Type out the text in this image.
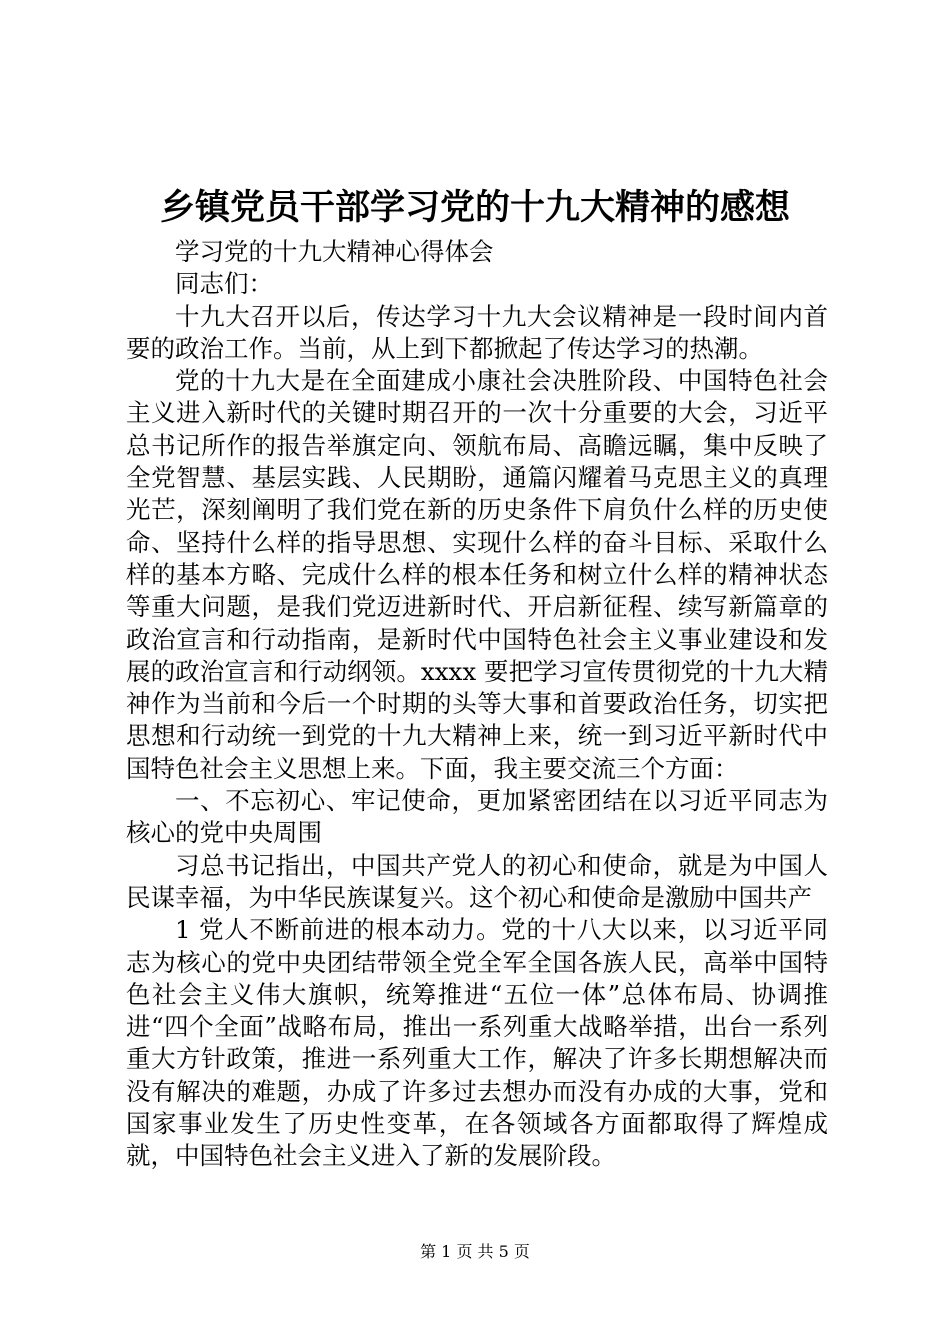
乡镇党员干部学习党的十九大精神的感想

学习党的十九大精神心得体会

同志们：

十九大召开以后，传达学习十九大会议精神是一段时间内首要的政治工作。当前，从上到下都掀起了传达学习的热潮。

党的十九大是在全面建成小康社会决胜阶段、中国特色社会主义进入新时代的关键时期召开的一次十分重要的大会，习近平总书记所作的报告举旗定向、领航布局、高瞻远瞩，集中反映了全党智慧、基层实践、人民期盼，通篇闪耀着马克思主义的真理光芒，深刻阐明了我们党在新的历史条件下肩负什么样的历史使命、坚持什么样的指导思想、实现什么样的奋斗目标、采取什么样的基本方略、完成什么样的根本任务和树立什么样的精神状态等重大问题，是我们党迈进新时代、开启新征程、续写新篇章的政治宣言和行动指南，是新时代中国特色社会主义事业建设和发展的政治宣言和行动纲领。xxxx 要把学习宣传贯彻党的十九大精神作为当前和今后一个时期的头等大事和首要政治任务，切实把思想和行动统一到党的十九大精神上来，统一到习近平新时代中国特色社会主义思想上来。下面，我主要交流三个方面：

一、不忘初心、牢记使命，更加紧密团结在以习近平同志为核心的党中央周围

习总书记指出，中国共产党人的初心和使命，就是为中国人民谋幸福，为中华民族谋复兴。这个初心和使命是激励中国共产

1 党人不断前进的根本动力。党的十八大以来，以习近平同志为核心的党中央团结带领全党全军全国各族人民，高举中国特色社会主义伟大旗帜，统筹推进“五位一体”总体布局、协调推进“四个全面”战略布局，推出一系列重大战略举措，出台一系列重大方针政策，推进一系列重大工作，解决了许多长期想解决而没有解决的难题，办成了许多过去想办而没有办成的大事，党和国家事业发生了历史性变革，在各领域各方面都取得了辉煌成就，中国特色社会主义进入了新的发展阶段。

第 1 页 共 5 页
